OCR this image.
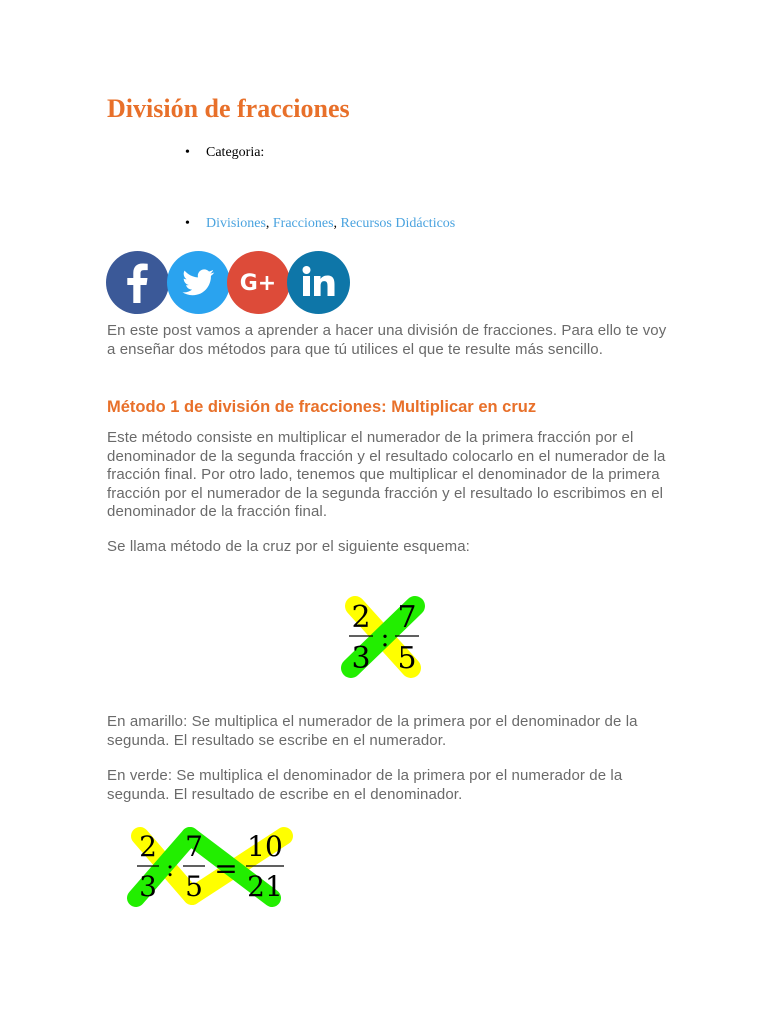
División de fracciones
• Categoria:
• Divisiones, Fracciones, Recursos Didácticos
G+

En este post vamos a aprender a hacer una división de fracciones. Para ello te voy a enseñar dos métodos para que tú utilices el que te resulte más sencillo.

Método 1 de división de fracciones: Multiplicar en cruz

Este método consiste en multiplicar el numerador de la primera fracción por el denominador de la segunda fracción y el resultado colocarlo en el numerador de la fracción final. Por otro lado, tenemos que multiplicar el denominador de la primera fracción por el numerador de la segunda fracción y el resultado lo escribimos en el denominador de la fracción final.

Se llama método de la cruz por el siguiente esquema:

2
3
:
7
5

En amarillo: Se multiplica el numerador de la primera por el denominador de la segunda. El resultado se escribe en el numerador.

En verde: Se multiplica el denominador de la primera por el numerador de la segunda. El resultado de escribe en el denominador.

2
3
:
7
5
=
10
21
